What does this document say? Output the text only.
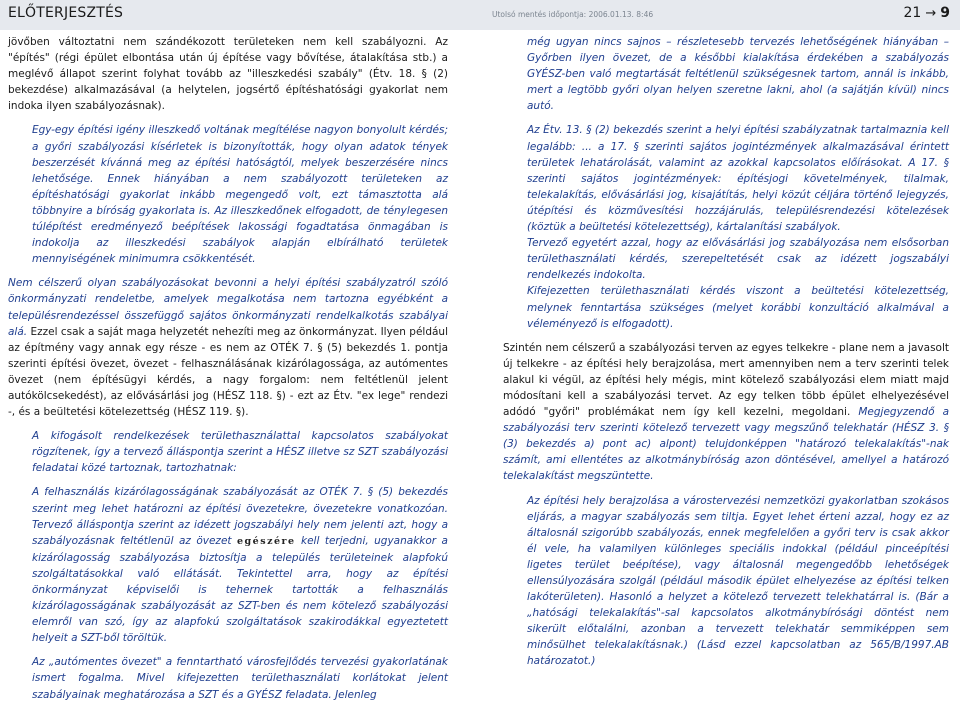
ELŐTERJESZTÉS	Utolsó mentés időpontja: 2006.01.13. 8:46	21 → 9

jövőben változtatni nem szándékozott területeken nem kell szabályozni. Az "építés" (régi épület elbontása után új építése vagy bővítése, átalakítása stb.) a meglévő állapot szerint folyhat tovább az "illeszkedési szabály" (Étv. 18. § (2) bekezdése) alkalmazásával (a helytelen, jogsértő építéshatósági gyakorlat nem indoka ilyen szabályozásnak).

Egy-egy építési igény illeszkedő voltának megítélése nagyon bonyolult kérdés; a győri szabályozási kísérletek is bizonyították, hogy olyan adatok tények beszerzését kívánná meg az építési hatóságtól, melyek beszerzésére nincs lehetősége. Ennek hiányában a nem szabályozott területeken az építéshatósági gyakorlat inkább megengedő volt, ezt támasztotta alá többnyire a bíróság gyakorlata is. Az illeszkedőnek elfogadott, de ténylegesen túlépítést eredményező beépítések lakossági fogadtatása önmagában is indokolja az illeszkedési szabályok alapján elbírálható területek mennyiségének minimumra csökkentését.

Nem célszerű olyan szabályozásokat bevonni a helyi építési szabályzatról szóló önkormányzati rendeletbe, amelyek megalkotása nem tartozna egyébként a településrendezéssel összefüggő sajátos önkormányzati rendelkalkotás szabályai alá. Ezzel csak a saját maga helyzetét nehezíti meg az önkormányzat. Ilyen például az építmény vagy annak egy része - es nem az OTÉK 7. § (5) bekezdés 1. pontja szerinti építési övezet, övezet - felhasználásának kizárólagossága, az autómentes övezet (nem építésügyi kérdés, a nagy forgalom: nem feltétlenül jelent autókölcsekedést), az elővásárlási jog (HÉSZ 118. §) - ezt az Étv. "ex lege" rendezi -, és a beültetési kötelezettség (HÉSZ 119. §).

A kifogásolt rendelkezések területhasználattal kapcsolatos szabályokat rögzítenek, így a tervező álláspontja szerint a HÉSZ illetve sz SZT szabályozási feladatai közé tartoznak, tartozhatnak:

A felhasználás kizárólagosságának szabályozását az OTÉK 7. § (5) bekezdés szerint meg lehet határozni az építési övezetekre, övezetekre vonatkozóan. Tervező álláspontja szerint az idézett jogszabályi hely nem jelenti azt, hogy a szabályozásnak feltétlenül az övezet egészére kell terjedni, ugyanakkor a kizárólagosság szabályozása biztosítja a település területeinek alapfokú szolgáltatásokkal való ellátását. Tekintettel arra, hogy az építési önkormányzat képviselői is tehernek tartották a felhasználás kizárólagosságának szabályozását az SZT-ben és nem kötelező szabályozási elemről van szó, így az alapfokú szolgáltatások szakirodákkal egyeztetett helyeit a SZT-ből töröltük.

Az „autómentes övezet" a fenntartható városfejlődés tervezési gyakorlatának ismert fogalma. Mivel kifejezetten területhasználati korlátokat jelent szabályainak meghatározása a SZT és a GYÉSZ feladata. Jelenleg

még ugyan nincs sajnos – részletesebb tervezés lehetőségének hiányában – Győrben ilyen övezet, de a későbbi kialakítása érdekében a szabályozás GYÉSZ-ben való megtartását feltétlenül szükségesnek tartom, annál is inkább, mert a legtöbb győri olyan helyen szeretne lakni, ahol (a sajátján kívül) nincs autó.

Az Étv. 13. § (2) bekezdés szerint a helyi építési szabályzatnak tartalmaznia kell legalább: ... a 17. § szerinti sajátos jogintézmények alkalmazásával érintett területek lehatárolását, valamint az azokkal kapcsolatos előírásokat. A 17. § szerinti sajátos jogintézmények: építésjogi követelmények, tilalmak, telekalakítás, elővásárlási jog, kisajátítás, helyi közút céljára történő lejegyzés, útépítési és közművesítési hozzájárulás, településrendezési kötelezések (köztük a beültetési kötelezettség), kártalanítási szabályok.

Tervező egyetért azzal, hogy az elővásárlási jog szabályozása nem elsősorban területhasználati kérdés, szerepeltetését csak az idézett jogszabályi rendelkezés indokolta.

Kifejezetten területhasználati kérdés viszont a beültetési kötelezettség, melynek fenntartása szükséges (melyet korábbi konzultáció alkalmával a véleményező is elfogadott).

Szintén nem célszerű a szabályozási terven az egyes telkekre - plane nem a javasolt új telkekre - az építési hely berajzolása, mert amennyiben nem a terv szerinti telek alakul ki végül, az építési hely mégis, mint kötelező szabályozási elem miatt majd módosítani kell a szabályozási tervet. Az egy telken több épület elhelyezésével adódó "győri" problémákat nem így kell kezelni, megoldani. Megjegyzendő a szabályozási terv szerinti kötelező tervezett vagy megszűnő telekhatár (HÉSZ 3. § (3) bekezdés a) pont ac) alpont) telujdonképpen "határozó telekalakítás"-nak számít, ami ellentétes az alkotmánybíróság azon döntésével, amellyel a határozó telekalakítást megszüntette.

Az építési hely berajzolása a várostervezési nemzetközi gyakorlatban szokásos eljárás, a magyar szabályozás sem tiltja. Egyet lehet érteni azzal, hogy ez az általosnál szigorúbb szabályozás, ennek megfelelően a győri terv is csak akkor él vele, ha valamilyen különleges speciális indokkal (például pinceépítési ligetes terület beépítése), vagy általosnál megengedőbb lehetőségek ellensúlyozására szolgál (például második épület elhelyezése az építési telken lakóterületen). Hasonló a helyzet a kötelező tervezett telekhatárral is. (Bár a „hatósági telekalakítás"-sal kapcsolatos alkotmánybírósági döntést nem sikerült előtalálni, azonban a tervezett telekhatár semmiképpen sem minősülhet telekalakításnak.) (Lásd ezzel kapcsolatban az 565/B/1997.AB határozatot.)
